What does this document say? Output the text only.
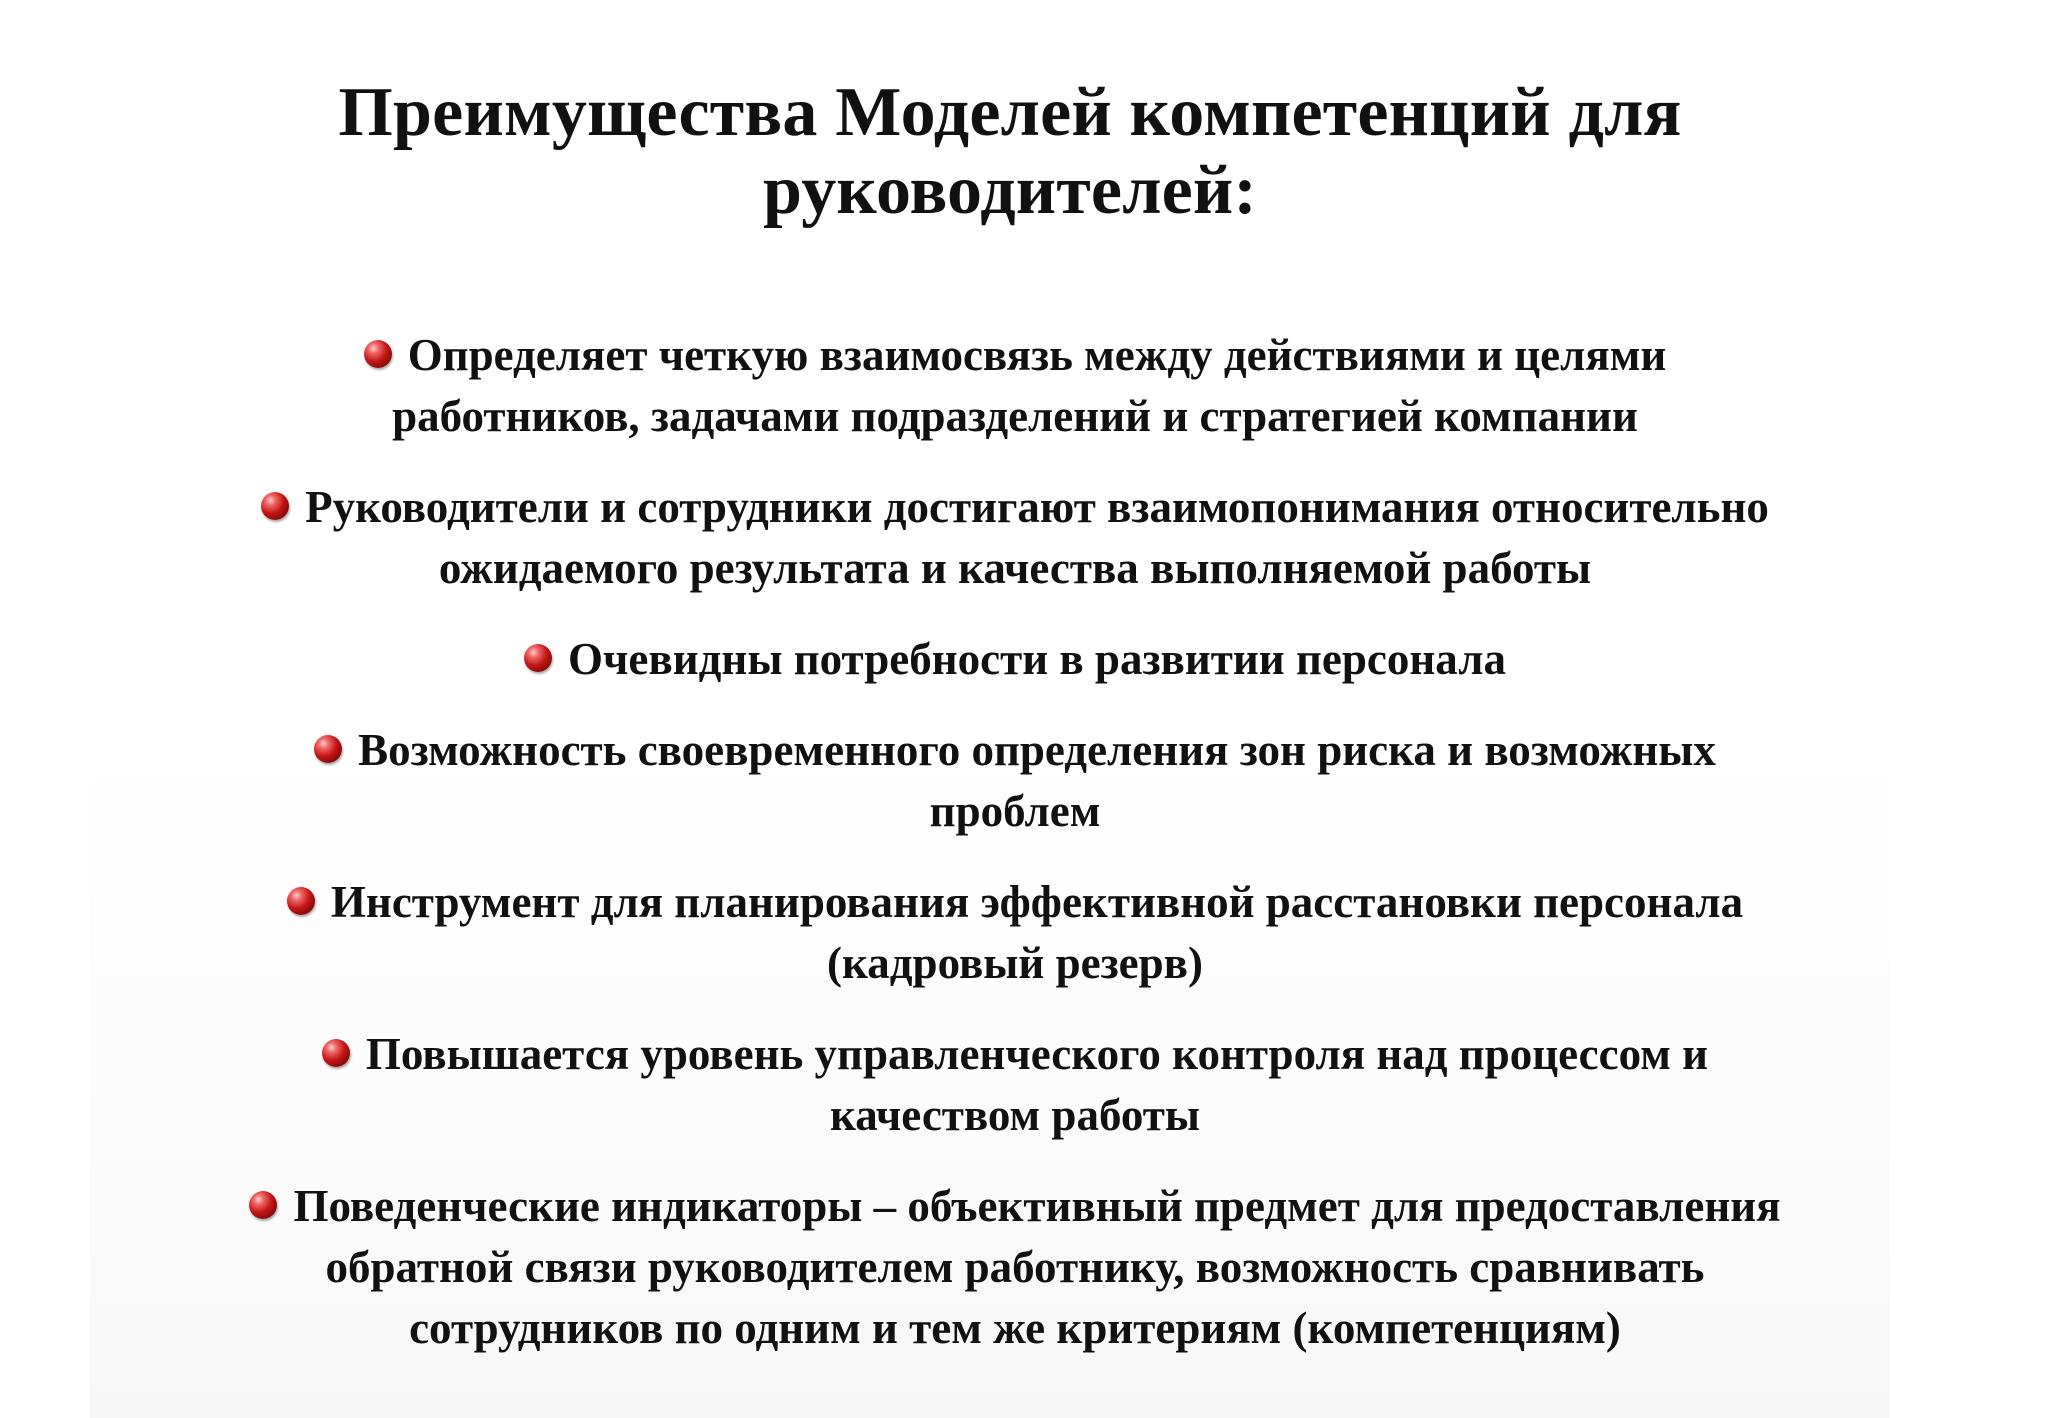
Преимущества Моделей компетенций для
руководителей:
Определяет четкую взаимосвязь между действиями и целями
работников, задачами подразделений и стратегией компании
Руководители и сотрудники достигают взаимопонимания относительно
ожидаемого результата и качества выполняемой работы
Очевидны потребности в развитии персонала
Возможность своевременного определения зон риска и возможных
проблем
Инструмент для планирования эффективной расстановки персонала
(кадровый резерв)
Повышается уровень управленческого контроля над процессом и
качеством работы
Поведенческие индикаторы – объективный предмет для предоставления
обратной связи руководителем работнику, возможность сравнивать
сотрудников по одним и тем же критериям (компетенциям)
